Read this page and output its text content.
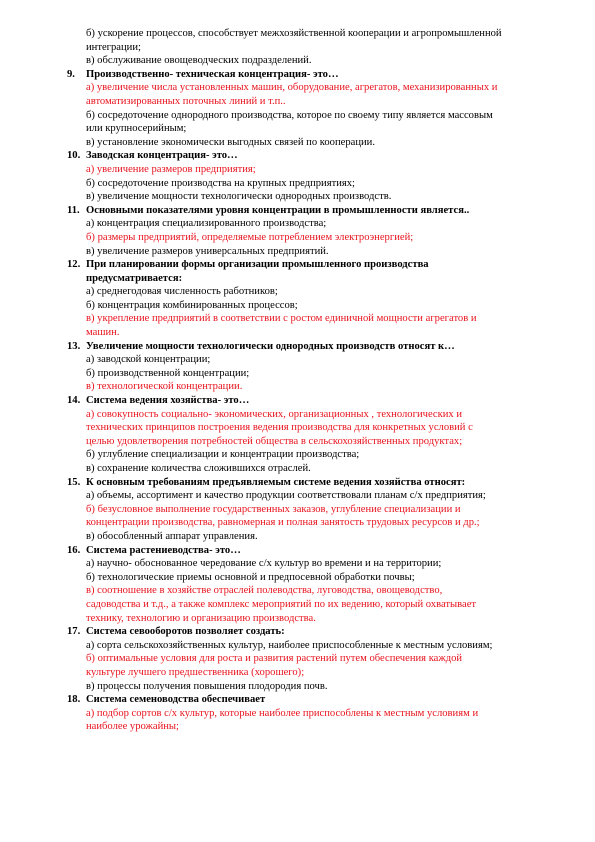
б) ускорение процессов, способствует межхозяйственной кооперации и агропромышленной
интеграции;
в) обслуживание овощеводческих подразделений.
9. Производственно- техническая концентрация- это…
а) увеличение числа установленных машин, оборудование, агрегатов, механизированных и
автоматизированных поточных линий и т.п..
б) сосредоточение однородного производства, которое по своему типу является массовым
или крупносерийным;
в) установление экономически выгодных связей по кооперации.
10. Заводская концентрация- это…
а) увеличение размеров предприятия;
б) сосредоточение производства на крупных предприятиях;
в) увеличение мощности технологически однородных производств.
11. Основными показателями уровня концентрации в промышленности является..
а) концентрация специализированного производства;
б) размеры предприятий, определяемые потреблением электроэнергией;
в) увеличение размеров универсальных предприятий.
12. При планировании формы организации промышленного производства
предусматривается:
а) среднегодовая численность работников;
б) концентрация комбинированных процессов;
в) укрепление предприятий в соответствии с ростом единичной мощности агрегатов и
машин.
13. Увеличение мощности технологически однородных производств относят к…
а) заводской концентрации;
б) производственной концентрации;
в) технологической концентрации.
14. Система ведения хозяйства- это…
а) совокупность социально- экономических, организационных , технологических и
технических принципов построения ведения производства для конкретных условий с
целью удовлетворения потребностей общества в сельскохозяйственных продуктах;
б) углубление специализации и концентрации производства;
в) сохранение количества сложившихся отраслей.
15. К основным требованиям предъявляемым системе ведения хозяйства относят:
а) объемы, ассортимент и качество продукции соответствовали планам с/х предприятия;
б) безусловное выполнение государственных заказов, углубление специализации и
концентрации производства, равномерная и полная занятость трудовых ресурсов и др.;
в) обособленный аппарат управления.
16. Система растениеводства- это…
а) научно- обоснованное чередование с/х культур во времени и на территории;
б) технологические приемы основной и предпосевной обработки почвы;
в) соотношение в хозяйстве отраслей полеводства, луговодства, овощеводство,
садоводства и т.д., а также комплекс мероприятий по их ведению, который охватывает
технику, технологию и организацию производства.
17. Система севооборотов позволяет создать:
а) сорта сельскохозяйственных культур, наиболее приспособленные к местным условиям;
б) оптимальные условия для роста и развития растений путем обеспечения каждой
культуре лучшего предшественника (хорошего);
в) процессы получения повышения плодородия почв.
18. Система семеноводства обеспечивает
а) подбор сортов с/х культур, которые наиболее приспособлены к местным условиям и
наиболее урожайны;
